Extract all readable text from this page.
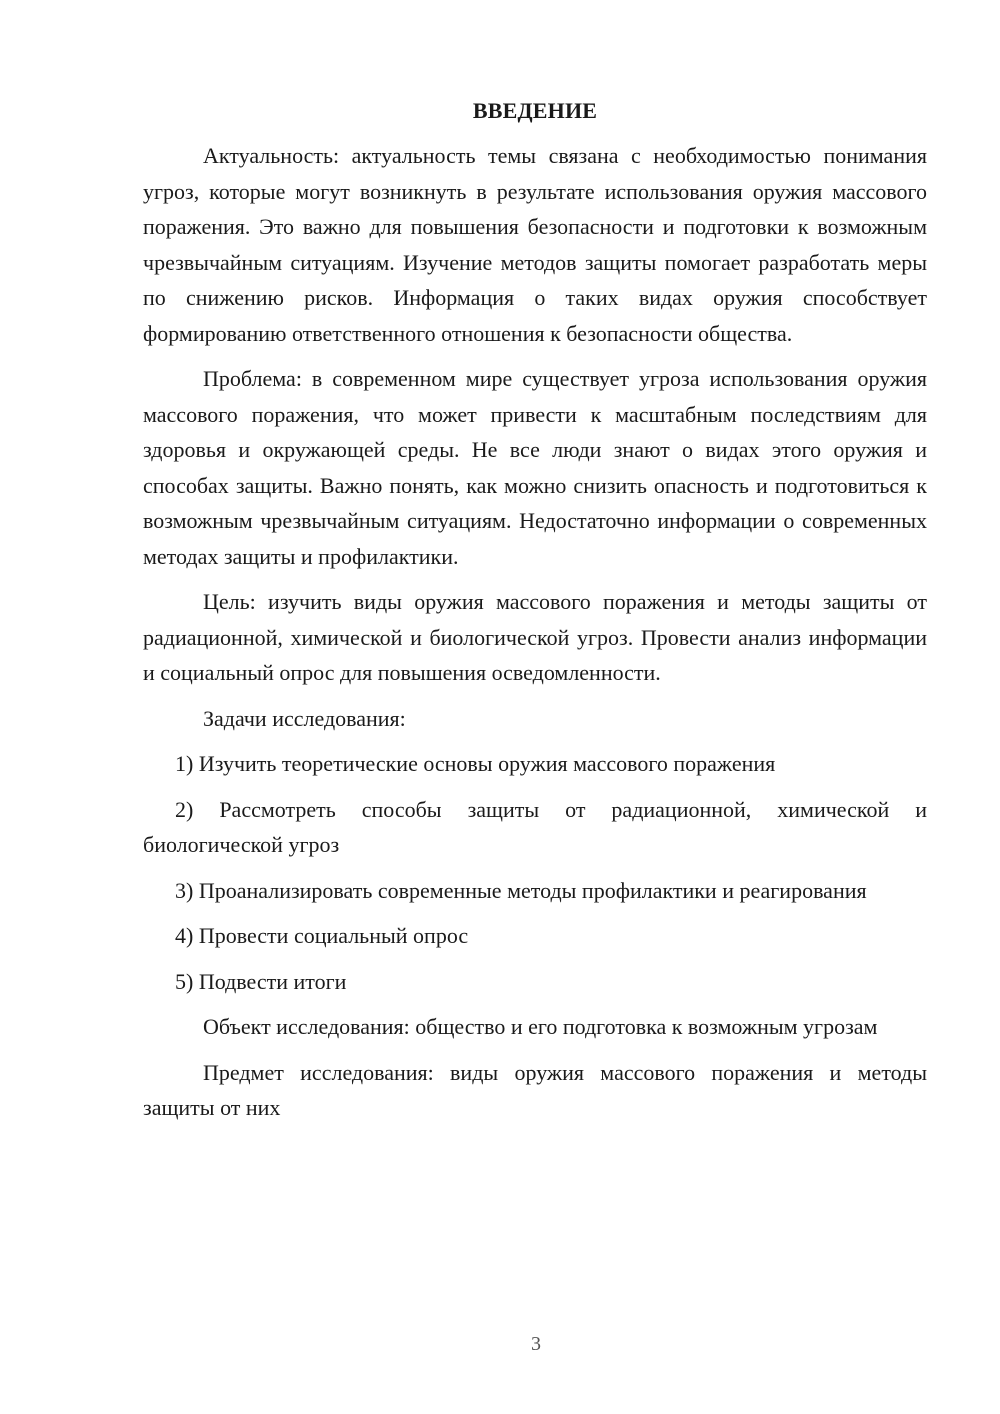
ВВЕДЕНИЕ

Актуальность: актуальность темы связана с необходимостью понимания угроз, которые могут возникнуть в результате использования оружия массового поражения. Это важно для повышения безопасности и подготовки к возможным чрезвычайным ситуациям. Изучение методов защиты помогает разработать меры по снижению рисков. Информация о таких видах оружия способствует формированию ответственного отношения к безопасности общества.

Проблема: в современном мире существует угроза использования оружия массового поражения, что может привести к масштабным последствиям для здоровья и окружающей среды. Не все люди знают о видах этого оружия и способах защиты. Важно понять, как можно снизить опасность и подготовиться к возможным чрезвычайным ситуациям. Недостаточно информации о современных методах защиты и профилактики.

Цель: изучить виды оружия массового поражения и методы защиты от радиационной, химической и биологической угроз. Провести анализ информации и социальный опрос для повышения осведомленности.

Задачи исследования:

1) Изучить теоретические основы оружия массового поражения

2) Рассмотреть способы защиты от радиационной, химической и биологической угроз

3) Проанализировать современные методы профилактики и реагирования

4) Провести социальный опрос

5) Подвести итоги

Объект исследования: общество и его подготовка к возможным угрозам

Предмет исследования: виды оружия массового поражения и методы защиты от них

3
